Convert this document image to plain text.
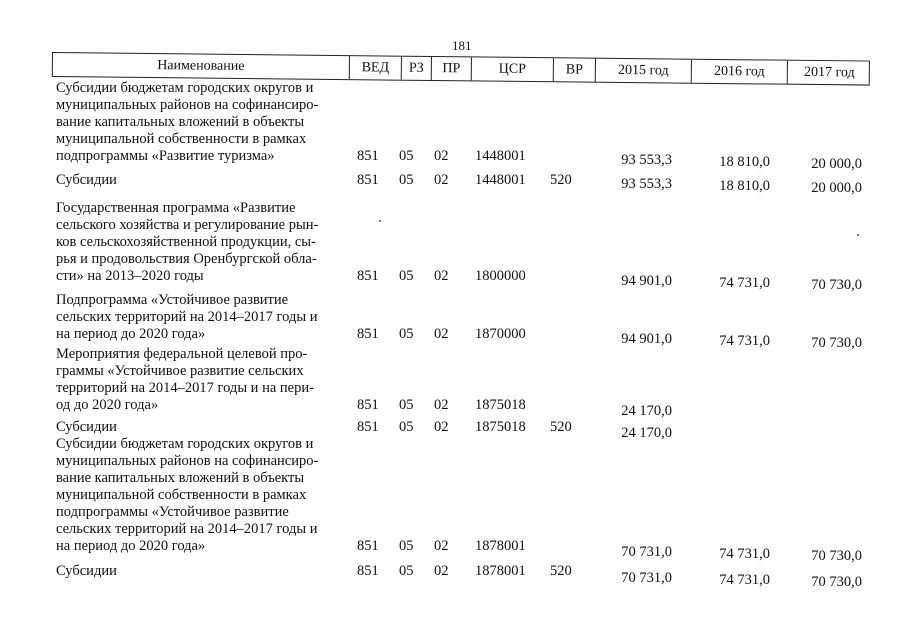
181
Наименование	ВЕД	РЗ	ПР	ЦСР	ВР	2015 год	2016 год	2017 год
Субсидии бюджетам городских округов и
муниципальных районов на софинансиро-
вание капитальных вложений в объекты
муниципальной собственности в рамках
подпрограммы «Развитие туризма»	851 05 02 1448001	93 553,3	18 810,0	20 000,0
Субсидии	851 05 02 1448001 520	93 553,3	18 810,0	20 000,0
Государственная программа «Развитие
сельского хозяйства и регулирование рын-
ков сельскохозяйственной продукции, сы-
рья и продовольствия Оренбургской обла-
сти» на 2013–2020 годы	851 05 02 1800000	94 901,0	74 731,0	70 730,0
Подпрограмма «Устойчивое развитие
сельских территорий на 2014–2017 годы и
на период до 2020 года»	851 05 02 1870000	94 901,0	74 731,0	70 730,0
Мероприятия федеральной целевой про-
граммы «Устойчивое развитие сельских
территорий на 2014–2017 годы и на пери-
од до 2020 года»	851 05 02 1875018	24 170,0
Субсидии	851 05 02 1875018 520	24 170,0
Субсидии бюджетам городских округов и
муниципальных районов на софинансиро-
вание капитальных вложений в объекты
муниципальной собственности в рамках
подпрограммы «Устойчивое развитие
сельских территорий на 2014–2017 годы и
на период до 2020 года»	851 05 02 1878001	70 731,0	74 731,0	70 730,0
Субсидии	851 05 02 1878001 520	70 731,0	74 731,0	70 730,0
